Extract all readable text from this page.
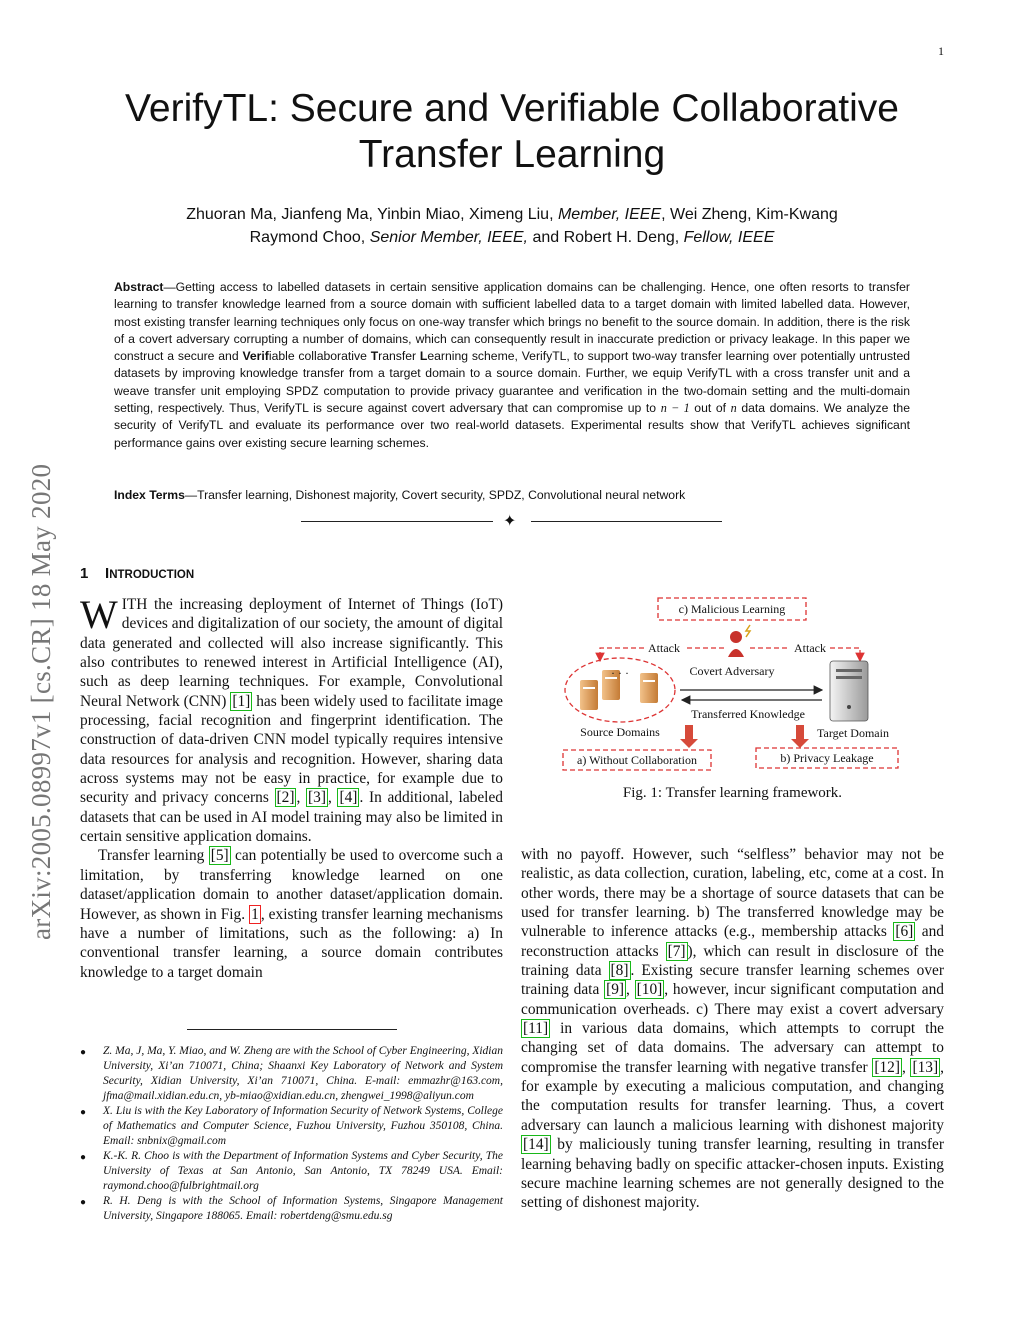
1
VerifyTL: Secure and Verifiable Collaborative Transfer Learning
Zhuoran Ma, Jianfeng Ma, Yinbin Miao, Ximeng Liu, Member, IEEE, Wei Zheng, Kim-Kwang
Raymond Choo, Senior Member, IEEE, and Robert H. Deng, Fellow, IEEE
Abstract—Getting access to labelled datasets in certain sensitive application domains can be challenging. Hence, one often resorts to transfer learning to transfer knowledge learned from a source domain with sufficient labelled data to a target domain with limited labelled data. However, most existing transfer learning techniques only focus on one-way transfer which brings no benefit to the source domain. In addition, there is the risk of a covert adversary corrupting a number of domains, which can consequently result in inaccurate prediction or privacy leakage. In this paper we construct a secure and Verifiable collaborative Transfer Learning scheme, VerifyTL, to support two-way transfer learning over potentially untrusted datasets by improving knowledge transfer from a target domain to a source domain. Further, we equip VerifyTL with a cross transfer unit and a weave transfer unit employing SPDZ computation to provide privacy guarantee and verification in the two-domain setting and the multi-domain setting, respectively. Thus, VerifyTL is secure against covert adversary that can compromise up to n − 1 out of n data domains. We analyze the security of VerifyTL and evaluate its performance over two real-world datasets. Experimental results show that VerifyTL achieves significant performance gains over existing secure learning schemes.
Index Terms—Transfer learning, Dishonest majority, Covert security, SPDZ, Convolutional neural network
✦
arXiv:2005.08997v1 [cs.CR] 18 May 2020 1 INTRODUCTION

WITH the increasing deployment of Internet of Things (IoT) devices and digitalization of our society, the amount of digital data generated and collected will also increase significantly. This also contributes to renewed interest in Artificial Intelligence (AI), such as deep learning techniques. For example, Convolutional Neural Network (CNN) [1] has been widely used to facilitate image processing, facial recognition and fingerprint identification. The construction of data-driven CNN model typically requires intensive data resources for analysis and recognition. However, sharing data across systems may not be easy in practice, for example due to security and privacy concerns [2] , [3] , [4] . In additional, labeled datasets that can be used in AI model training may also be limited in certain sensitive application domains.

Transfer learning [5] can potentially be used to overcome such a limitation, by transferring knowledge learned on one dataset/application domain to another dataset/application domain. However, as shown in Fig. 1 , existing transfer learning mechanisms have a number of limitations, such as the following: a) In conventional transfer learning, a source domain contributes knowledge to a target domain

● Z. Ma, J, Ma, Y. Miao, and W. Zheng are with the School of Cyber Engineering, Xidian University, Xi’an 710071, China; Shaanxi Key Laboratory of Network and System Security, Xidian University, Xi’an 710071, China. E-mail: emmazhr@163.com, jfma@mail.xidian.edu.cn, yb-miao@xidian.edu.cn, zhengwei_1998@aliyun.com
● X. Liu is with the Key Laboratory of Information Security of Network Systems, College of Mathematics and Computer Science, Fuzhou University, Fuzhou 350108, China. Email: snbnix@gmail.com
● K.-K. R. Choo is with the Department of Information Systems and Cyber Security, The University of Texas at San Antonio, San Antonio, TX 78249 USA. Email: raymond.choo@fulbrightmail.org
● R. H. Deng is with the School of Information Systems, Singapore Management University, Singapore 188065. Email: robertdeng@smu.edu.sg
c) Malicious Learning
Covert Adversary
Attack	Attack
· · ·
Source Domains
Transferred Knowledge
Target Domain
a) Without Collaboration	b) Privacy Leakage
Fig. 1: Transfer learning framework.

with no payoff. However, such “selfless” behavior may not be realistic, as data collection, curation, labeling, etc, come at a cost. In other words, there may be a shortage of source datasets that can be used for transfer learning. b) The transferred knowledge may be vulnerable to inference attacks (e.g., membership attacks [6] and reconstruction attacks [7] ), which can result in disclosure of the training data [8] . Existing secure transfer learning schemes over training data [9] , [10] , however, incur significant computation and communication overheads. c) There may exist a covert adversary [11] in various data domains, which attempts to corrupt the changing set of data domains. The adversary can attempt to compromise the transfer learning with negative transfer [12] , [13] , for example by executing a malicious computation, and changing the computation results for transfer learning. Thus, a covert adversary can launch a malicious learning with dishonest majority [14] by maliciously tuning transfer learning, resulting in transfer learning behaving badly on specific attacker-chosen inputs. Existing secure machine learning schemes are not generally designed to the setting of dishonest majority.
